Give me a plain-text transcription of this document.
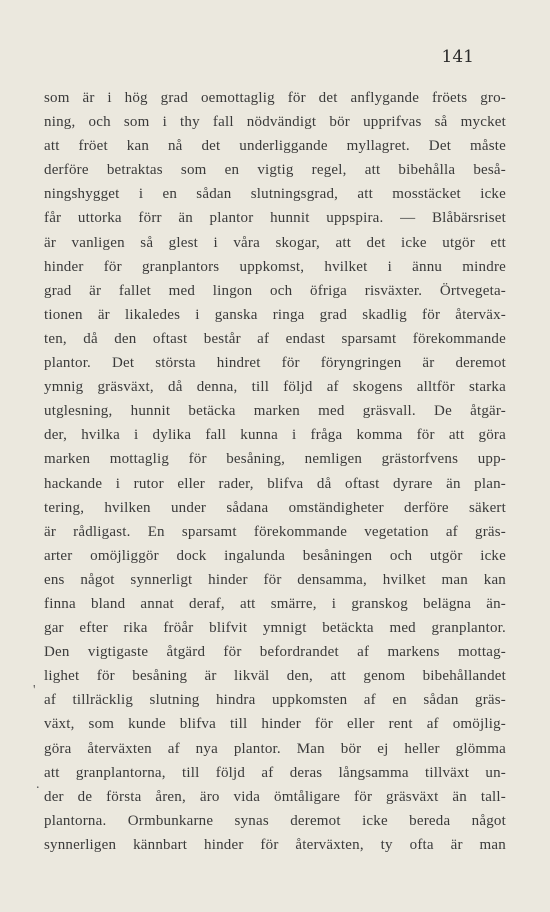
141
'
.
som är i hög grad oemottaglig för det anflygande fröets gro-
ning, och som i thy fall nödvändigt bör upprifvas så mycket
att fröet kan nå det underliggande myllagret. Det måste
derföre betraktas som en vigtig regel, att bibehålla beså-
ningshygget i en sådan slutningsgrad, att mosstäcket icke
får uttorka förr än plantor hunnit uppspira. — Blåbärsriset
är vanligen så glest i våra skogar, att det icke utgör ett
hinder för granplantors uppkomst, hvilket i ännu mindre
grad är fallet med lingon och öfriga risväxter. Örtvegeta-
tionen är likaledes i ganska ringa grad skadlig för återväx-
ten, då den oftast består af endast sparsamt förekommande
plantor. Det största hindret för föryngringen är deremot
ymnig gräsväxt, då denna, till följd af skogens alltför starka
utglesning, hunnit betäcka marken med gräsvall. De åtgär-
der, hvilka i dylika fall kunna i fråga komma för att göra
marken mottaglig för besåning, nemligen grästorfvens upp-
hackande i rutor eller rader, blifva då oftast dyrare än plan-
tering, hvilken under sådana omständigheter derföre säkert
är rådligast. En sparsamt förekommande vegetation af gräs-
arter omöjliggör dock ingalunda besåningen och utgör icke
ens något synnerligt hinder för densamma, hvilket man kan
finna bland annat deraf, att smärre, i granskog belägna än-
gar efter rika fröår blifvit ymnigt betäckta med granplantor.
Den vigtigaste åtgärd för befordrandet af markens mottag-
lighet för besåning är likväl den, att genom bibehållandet
af tillräcklig slutning hindra uppkomsten af en sådan gräs-
växt, som kunde blifva till hinder för eller rent af omöjlig-
göra återväxten af nya plantor. Man bör ej heller glömma
att granplantorna, till följd af deras långsamma tillväxt un-
der de första åren, äro vida ömtåligare för gräsväxt än tall-
plantorna. Ormbunkarne synas deremot icke bereda något
synnerligen kännbart hinder för återväxten, ty ofta är man
